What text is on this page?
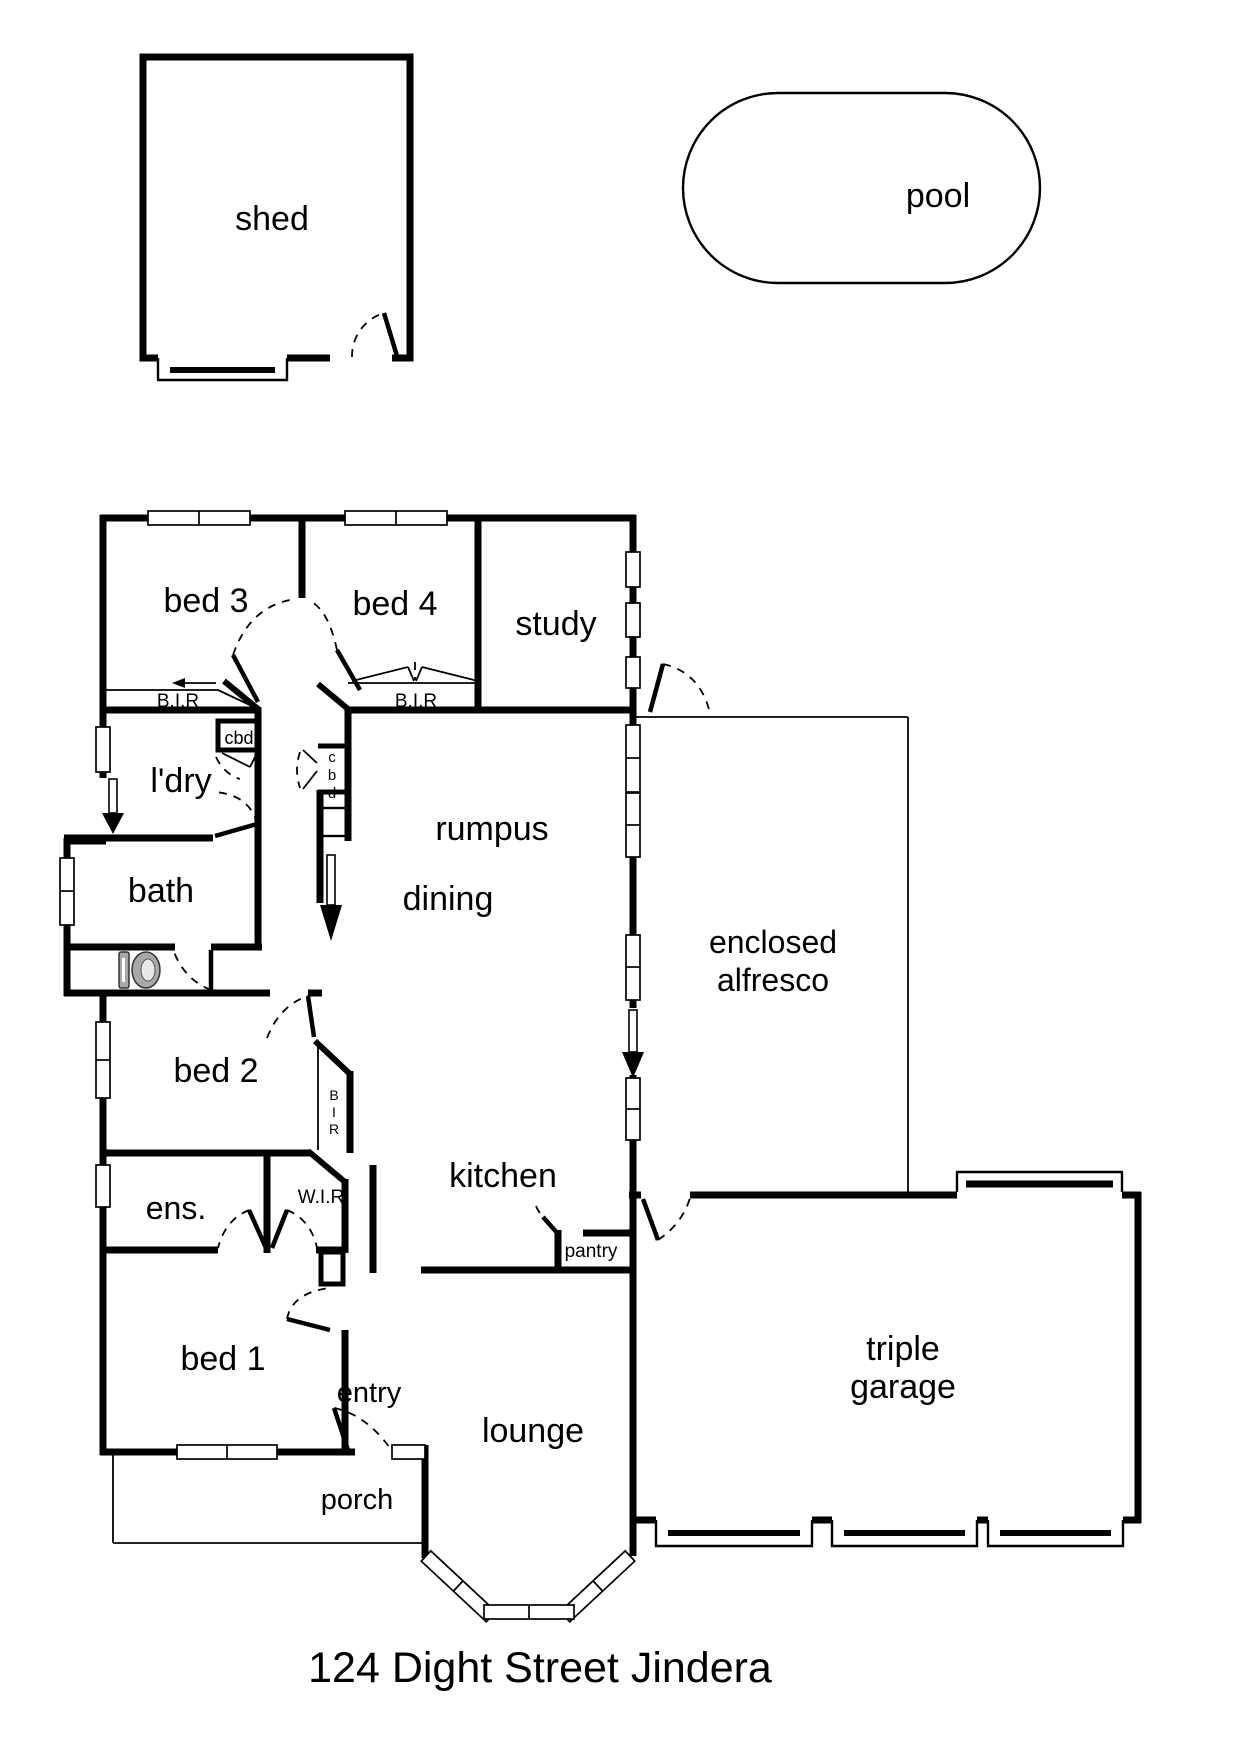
shed
pool
bed 3	bed 4
study
B.I.R	B.I.R
cbd
c
b
d
l'dry
rumpus
bath	dining
enclosed
alfresco
bed 2
B
I
R
ens.	W.I.R
kitchen
pantry
bed 1
entry
lounge
porch
triple
garage
124 Dight Street Jindera
